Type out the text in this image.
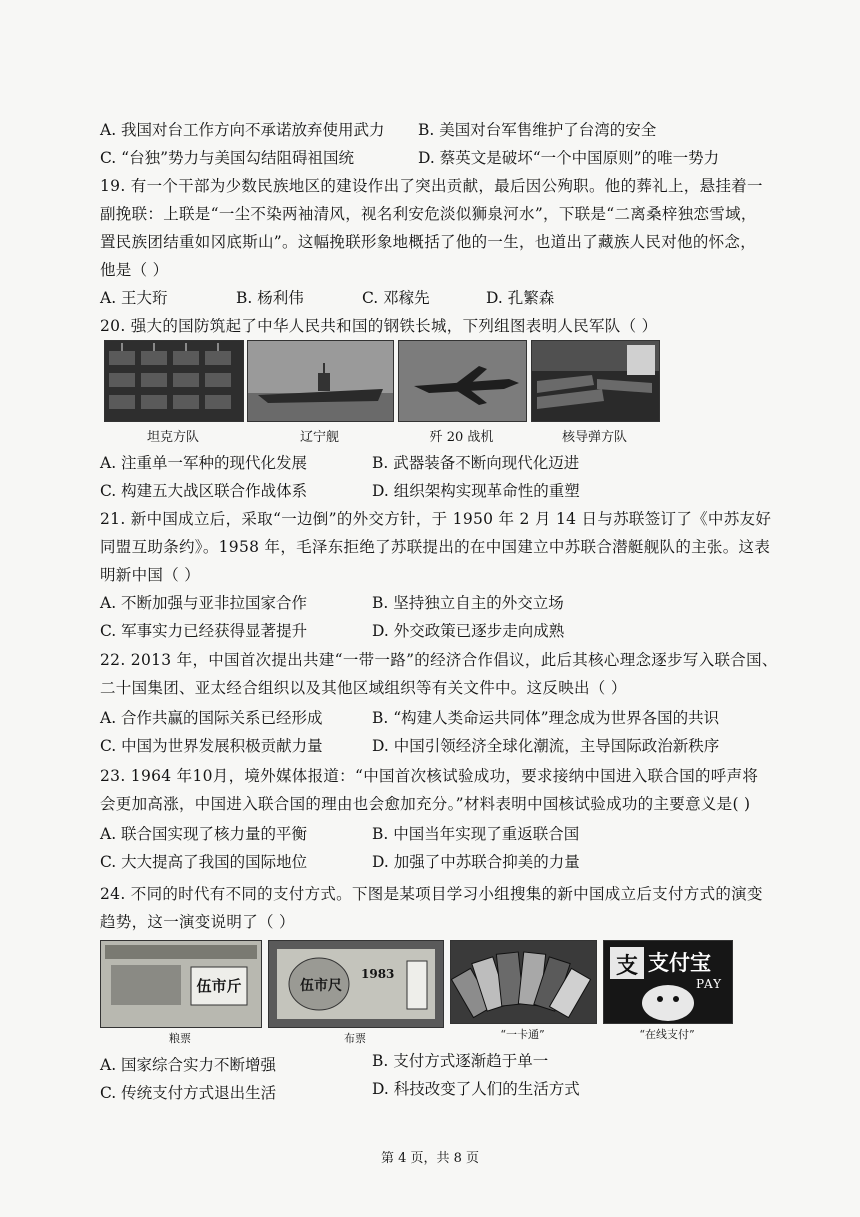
A. 我国对台工作方向不承诺放弃使用武力 B. 美国对台军售维护了台湾的安全
C. “台独”势力与美国勾结阻碍祖国统	D. 蔡英文是破坏“一个中国原则”的唯一势力
19. 有一个干部为少数民族地区的建设作出了突出贡献，最后因公殉职。他的葬礼上，悬挂着一
副挽联：上联是“一尘不染两袖清风，视名利安危淡似狮泉河水”，下联是“二离桑梓独恋雪域，
置民族团结重如冈底斯山”。这幅挽联形象地概括了他的一生，也道出了藏族人民对他的怀念，
他是（ ）
A. 王大珩	B. 杨利伟	C. 邓稼先	D. 孔繁森
20. 强大的国防筑起了中华人民共和国的钢铁长城，下列组图表明人民军队（ ）
坦克方队	辽宁舰	歼 20 战机	核导弹方队
A. 注重单一军种的现代化发展	B. 武器装备不断向现代化迈进
C. 构建五大战区联合作战体系	D. 组织架构实现革命性的重塑
21. 新中国成立后，采取“一边倒”的外交方针，于 1950 年 2 月 14 日与苏联签订了《中苏友好
同盟互助条约》。1958 年，毛泽东拒绝了苏联提出的在中国建立中苏联合潜艇舰队的主张。这表
明新中国（ ）
A. 不断加强与亚非拉国家合作	B. 坚持独立自主的外交立场
C. 军事实力已经获得显著提升	D. 外交政策已逐步走向成熟
22. 2013 年，中国首次提出共建“一带一路”的经济合作倡议，此后其核心理念逐步写入联合国、
二十国集团、亚太经合组织以及其他区域组织等有关文件中。这反映出（ ）
A. 合作共赢的国际关系已经形成	B. “构建人类命运共同体”理念成为世界各国的共识
C. 中国为世界发展积极贡献力量	D. 中国引领经济全球化潮流，主导国际政治新秩序
23. 1964 年10月，境外媒体报道：“中国首次核试验成功，要求接纳中国进入联合国的呼声将
会更加高涨，中国进入联合国的理由也会愈加充分。”材料表明中国核试验成功的主要意义是( )
A. 联合国实现了核力量的平衡	B. 中国当年实现了重返联合国
C. 大大提高了我国的国际地位	D. 加强了中苏联合抑美的力量
24. 不同的时代有不同的支付方式。下图是某项目学习小组搜集的新中国成立后支付方式的演变
趋势，这一演变说明了（ ）
伍市斤	伍市尺
1983	支 支付宝
PAY
粮票	布票	“一卡通”	“在线支付”
A. 国家综合实力不断增强	B. 支付方式逐渐趋于单一
C. 传统支付方式退出生活	D. 科技改变了人们的生活方式
第 4 页，共 8 页
